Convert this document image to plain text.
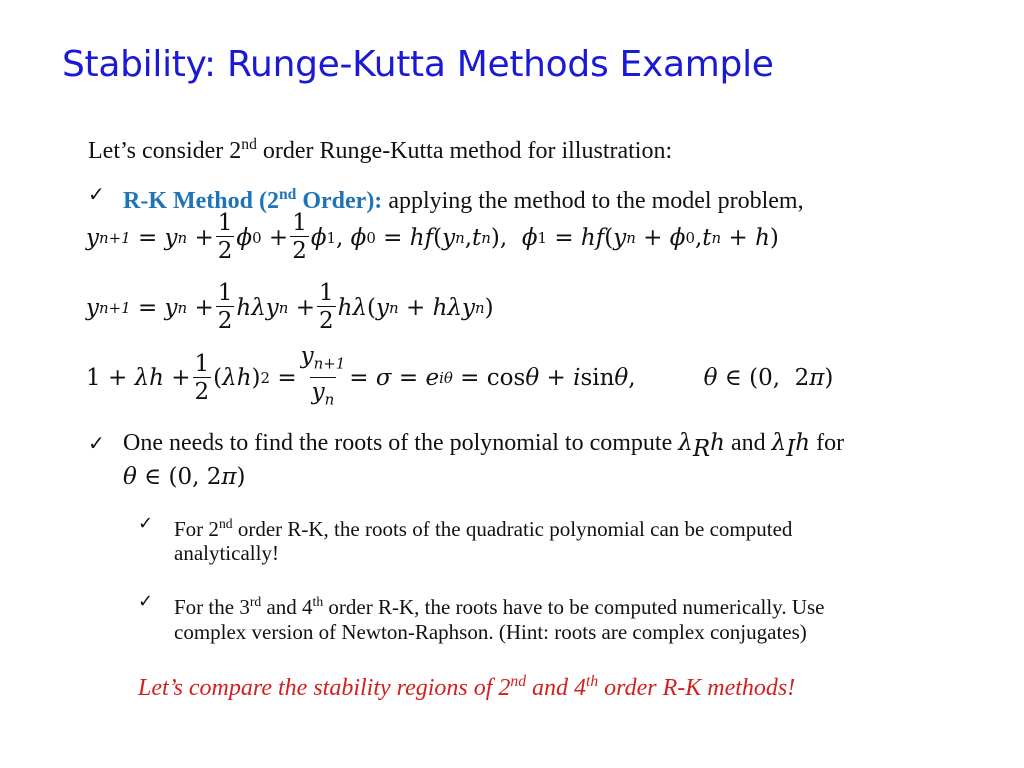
Stability: Runge-Kutta Methods Example
Let’s consider 2nd order Runge-Kutta method for illustration:
✓ R-K Method (2nd Order): applying the method to the model problem,
y n+1 = y $n + \frac{1}{2}$ ϕ $0 + \frac{1}{2}$ ϕ 1 , ϕ 0 = hf ( y n , t n ), ϕ 1 = hf ( y n + ϕ 0 , t n + h )
y n+1 = y $n + \frac{1}{2}$ hλy $n + \frac{1}{2}$ hλ ( y n + hλy n )
$1 + \lambda h + \frac{1}{2}$ ( λh ) $2 = \frac{y_{n+1}}{y_n} = \sigma = e$ iθ = cos θ + i sin θ ,	θ ∈ (0,  2 π )
✓ One needs to find the roots of the polynomial to compute $\lambda_Rh$ and $\lambda_Ih$ for
θ ∈ (0, 2π)
✓ For 2nd order R-K, the roots of the quadratic polynomial can be computed
analytically!
✓ For the 3rd and 4th order R-K, the roots have to be computed numerically. Use
complex version of Newton-Raphson. (Hint: roots are complex conjugates)
Let’s compare the stability regions of 2nd and 4th order R-K methods!
